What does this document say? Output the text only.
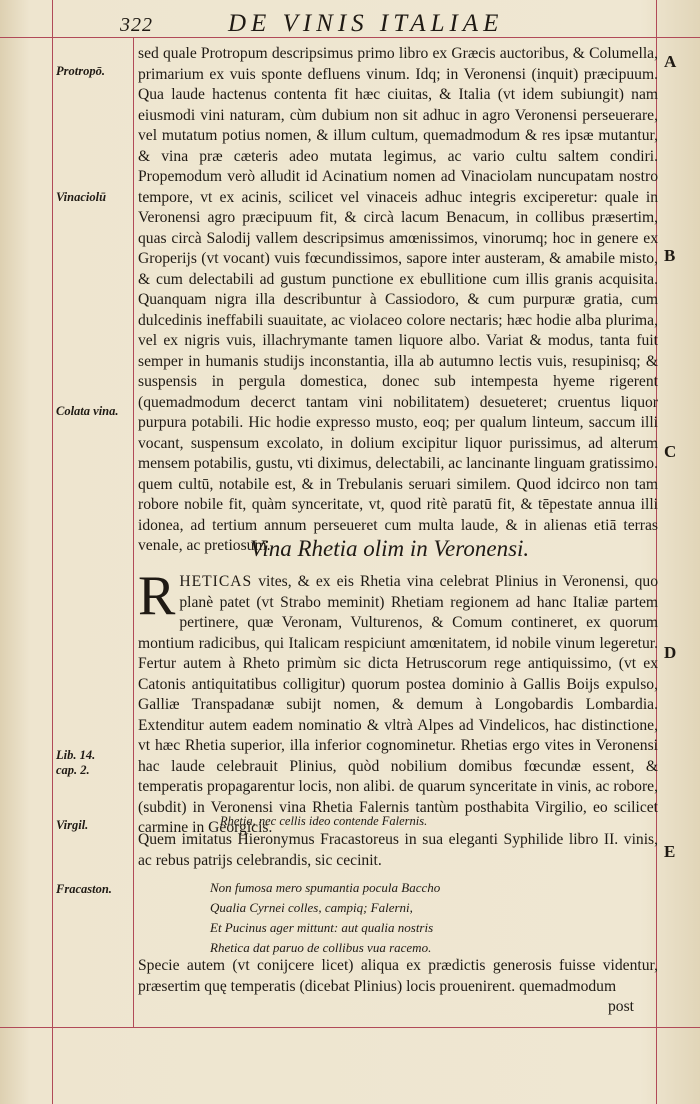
322	DE VINIS ITALIAE
Protropō.
Vinaciolū
Colata vina.
Lib. 14. cap. 2.
Virgil.
Fracaston.
A
B
C
D
E

sed quale Protropum descripsimus primo libro ex Græcis auctoribus, & Columella, primarium ex vuis sponte defluens vinum. Idq; in Veronensi (inquit) præcipuum. Qua laude hactenus contenta fit hæc ciuitas, & Italia (vt idem subiungit) nam eiusmodi vini naturam, cùm dubium non sit adhuc in agro Veronensi perseuerare, vel mutatum potius nomen, & illum cultum, quemadmodum & res ipsæ mutantur, & vina præ cæteris adeo mutata legimus, ac vario cultu saltem condiri. Propemodum verò alludit id Acinatium nomen ad Vinaciolam nuncupatam nostro tempore, vt ex acinis, scilicet vel vinaceis adhuc integris exciperetur: quale in Veronensi agro præcipuum fit, & circà lacum Benacum, in collibus præsertim, quas circà Salodij vallem descripsimus amœnissimos, vinorumq; hoc in genere ex Groperijs (vt vocant) vuis fœcundissimos, sapore inter austeram, & amabile misto, & cum delectabili ad gustum punctione ex ebullitione cum illis granis acquisita. Quanquam nigra illa describuntur à Cassiodoro, & cum purpuræ gratia, cum dulcedinis ineffabili suauitate, ac violaceo colore nectaris; hæc hodie alba plurima, vel ex nigris vuis, illachrymante tamen liquore albo. Variat & modus, tanta fuit semper in humanis studijs inconstantia, illa ab autumno lectis vuis, resupinisq; & suspensis in pergula domestica, donec sub intempesta hyeme rigerent (quemadmodum decerct tantam vini nobilitatem) desueteret; cruentus liquor purpura potabili. Hic hodie expresso musto, eoq; per qualum linteum, saccum illi vocant, suspensum excolato, in dolium excipitur liquor purissimus, ad alterum mensem potabilis, gustu, vti diximus, delectabili, ac lancinante linguam gratissimo. quem cultū, notabile est, & in Trebulanis seruari similem. Quod idcirco non tam robore nobile fit, quàm synceritate, vt, quod ritè paratū fit, & tēpestate annua illi idonea, ad tertium annum perseueret cum multa laude, & in alienas etiā terras venale, ac pretiosum.

Vina Rhetia olim in Veronensi.

RHETICAS vites, & ex eis Rhetia vina celebrat Plinius in Veronensi, quo planè patet (vt Strabo meminit) Rhetiam regionem ad hanc Italiæ partem pertinere, quæ Veronam, Vulturenos, & Comum contineret, ex quorum montium radicibus, qui Italicam respiciunt amœnitatem, id nobile vinum legeretur. Fertur autem à Rheto primùm sic dicta Hetruscorum rege antiquissimo, (vt ex Catonis antiquitatibus colligitur) quorum postea dominio à Gallis Boijs expulso, Galliæ Transpadanæ subijt nomen, & demum à Longobardis Lombardia. Extenditur autem eadem nominatio & vltrà Alpes ad Vindelicos, hac distinctione, vt hæc Rhetia superior, illa inferior cognominetur. Rhetias ergo vites in Veronensi hac laude celebrauit Plinius, quòd nobilium domibus fœcundæ essent, & temperatis propagarentur locis, non alibi. de quarum synceritate in vinis, ac robore, (subdit) in Veronensi vina Rhetia Falernis tantùm posthabita Virgilio, eo scilicet carmine in Georgicis.

Rhetia, nec cellis ideo contende Falernis.

Quem imitatus Hieronymus Fracastoreus in sua eleganti Syphilide libro II. vinis, ac rebus patrijs celebrandis, sic cecinit.

Non fumosa mero spumantia pocula Baccho
Qualia Cyrnei colles, campiq; Falerni,
Et Pucinus ager mittunt: aut qualia nostris
Rhetica dat paruo de collibus vua racemo.

Specie autem (vt conijcere licet) aliqua ex prædictis generosis fuisse videntur, præsertim quę temperatis (dicebat Plinius) locis prouenirent. quemadmodum

post
